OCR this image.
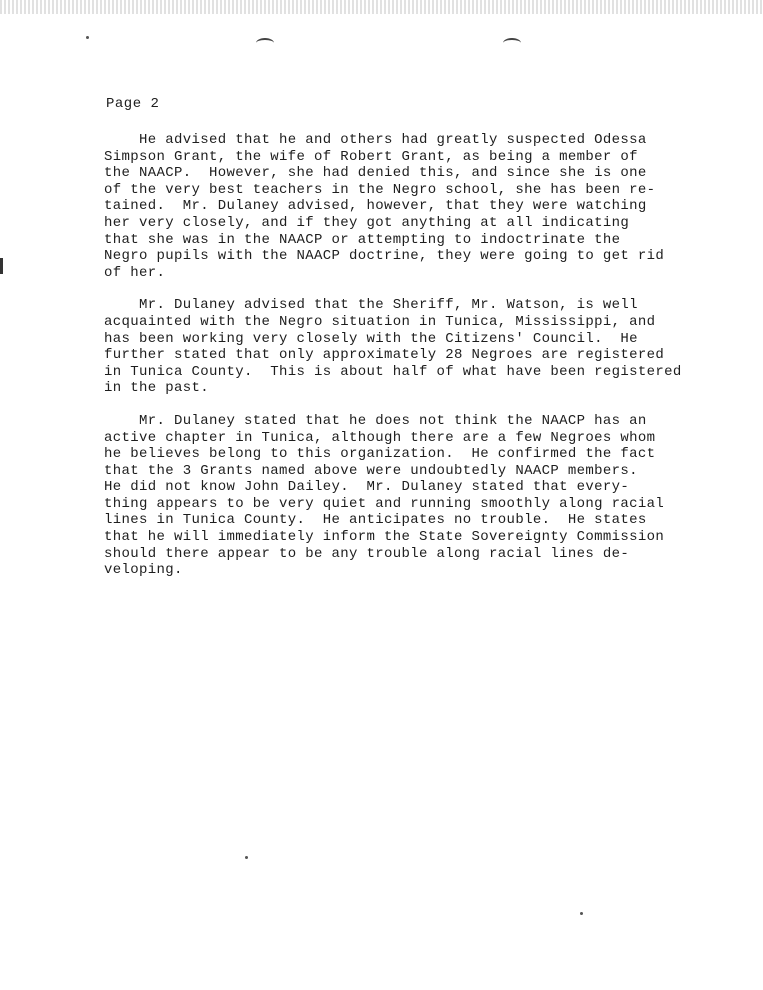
Page 2
He advised that he and others had greatly suspected Odessa
Simpson Grant, the wife of Robert Grant, as being a member of
the NAACP.  However, she had denied this, and since she is one
of the very best teachers in the Negro school, she has been re-
tained.  Mr. Dulaney advised, however, that they were watching
her very closely, and if they got anything at all indicating
that she was in the NAACP or attempting to indoctrinate the
Negro pupils with the NAACP doctrine, they were going to get rid
of her.
Mr. Dulaney advised that the Sheriff, Mr. Watson, is well
acquainted with the Negro situation in Tunica, Mississippi, and
has been working very closely with the Citizens' Council.  He
further stated that only approximately 28 Negroes are registered
in Tunica County.  This is about half of what have been registered
in the past.
Mr. Dulaney stated that he does not think the NAACP has an
active chapter in Tunica, although there are a few Negroes whom
he believes belong to this organization.  He confirmed the fact
that the 3 Grants named above were undoubtedly NAACP members.
He did not know John Dailey.  Mr. Dulaney stated that every-
thing appears to be very quiet and running smoothly along racial
lines in Tunica County.  He anticipates no trouble.  He states
that he will immediately inform the State Sovereignty Commission
should there appear to be any trouble along racial lines de-
veloping.
